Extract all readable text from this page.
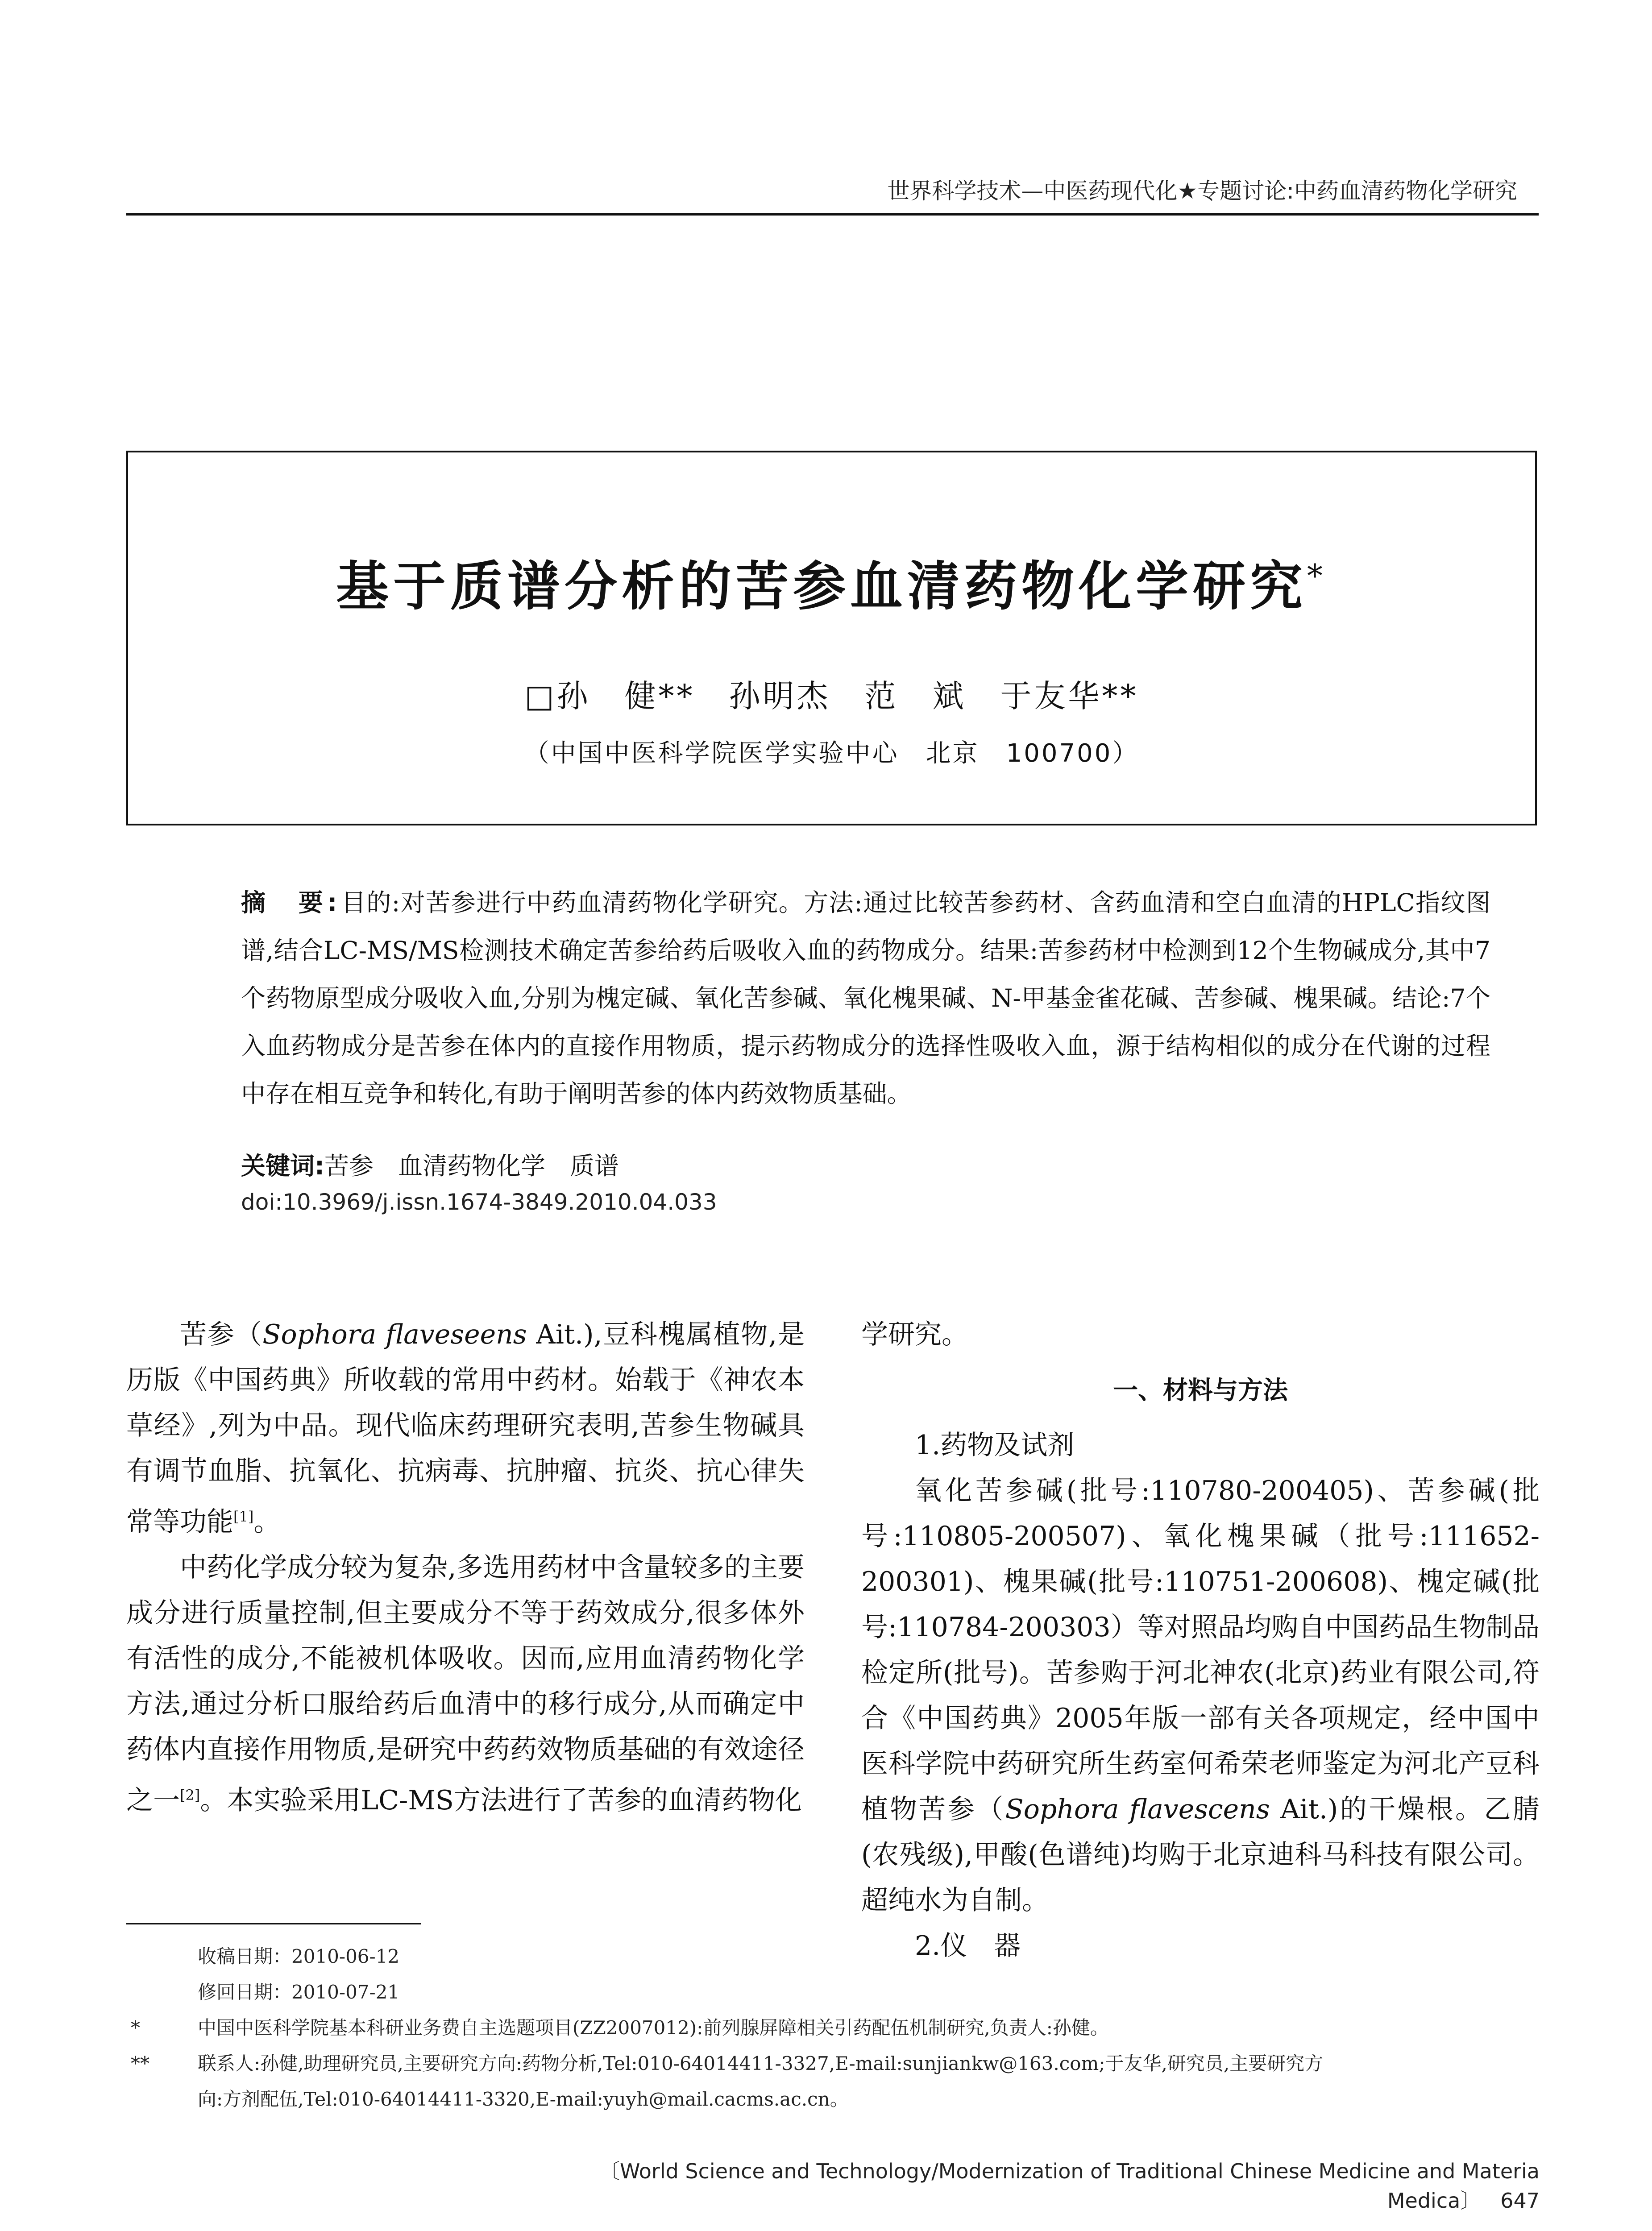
世界科学技术—中医药现代化★专题讨论:中药血清药物化学研究
基于质谱分析的苦参血清药物化学研究*
□孙　健**　孙明杰　范　斌　于友华**
（中国中医科学院医学实验中心　北京　100700）
摘　要:目的:对苦参进行中药血清药物化学研究。方法:通过比较苦参药材、含药血清和空白血清的HPLC指纹图谱,结合LC-MS/MS检测技术确定苦参给药后吸收入血的药物成分。结果:苦参药材中检测到12个生物碱成分,其中7个药物原型成分吸收入血,分别为槐定碱、氧化苦参碱、氧化槐果碱、N-甲基金雀花碱、苦参碱、槐果碱。结论:7个入血药物成分是苦参在体内的直接作用物质，提示药物成分的选择性吸收入血，源于结构相似的成分在代谢的过程中存在相互竞争和转化,有助于阐明苦参的体内药效物质基础。
关键词:苦参　血清药物化学　质谱
doi:10.3969/j.issn.1674-3849.2010.04.033

苦参（Sophora flaveseens Ait.),豆科槐属植物,是历版《中国药典》所收载的常用中药材。始载于《神农本草经》,列为中品。现代临床药理研究表明,苦参生物碱具有调节血脂、抗氧化、抗病毒、抗肿瘤、抗炎、抗心律失常等功能[1]。

中药化学成分较为复杂,多选用药材中含量较多的主要成分进行质量控制,但主要成分不等于药效成分,很多体外有活性的成分,不能被机体吸收。因而,应用血清药物化学方法,通过分析口服给药后血清中的移行成分,从而确定中药体内直接作用物质,是研究中药药效物质基础的有效途径之一[2]。本实验采用LC-MS方法进行了苦参的血清药物化

学研究。

一、材料与方法

1.药物及试剂

氧化苦参碱(批号:110780-200405)、苦参碱(批号:110805-200507)、氧化槐果碱（批号:111652-200301)、槐果碱(批号:110751-200608)、槐定碱(批号:110784-200303）等对照品均购自中国药品生物制品检定所(批号)。苦参购于河北神农(北京)药业有限公司,符合《中国药典》2005年版一部有关各项规定，经中国中医科学院中药研究所生药室何希荣老师鉴定为河北产豆科植物苦参（Sophora flavescens Ait.)的干燥根。乙腈(农残级),甲酸(色谱纯)均购于北京迪科马科技有限公司。超纯水为自制。

2.仪　器

收稿日期：2010-06-12
修回日期：2010-07-21
*	中国中医科学院基本科研业务费自主选题项目(ZZ2007012):前列腺屏障相关引药配伍机制研究,负责人:孙健。
**	联系人:孙健,助理研究员,主要研究方向:药物分析,Tel:010-64014411-3327,E-mail:sunjiankw@163.com;于友华,研究员,主要研究方
向:方剂配伍,Tel:010-64014411-3320,E-mail:yuyh@mail.cacms.ac.cn。
〔World Science and Technology/Modernization of Traditional Chinese Medicine and Materia Medica〕 647
